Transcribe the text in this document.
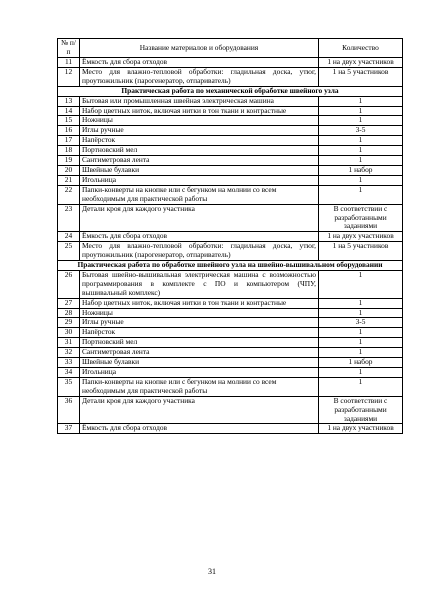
№ п/п	Название материалов и оборудования	Количество
11	Ёмкость для сбора отходов	1 на двух участников
12	Место для влажно-тепловой обработки: гладильная доска, утюг, проутюжильник (парогенератор, отпариватель)	1 на 5 участников
Практическая работа по механической обработке швейного узла		
13	Бытовая или промышленная швейная электрическая машина	1
14	Набор цветных ниток, включая нитки в тон ткани и контрастные	1
15	Ножницы	1
16	Иглы ручные	3-5
17	Напёрсток	1
18	Портновский мел	1
19	Сантиметровая лента	1
20	Швейные булавки	1 набор
21	Игольница	1
22	Папки-конверты на кнопке или с бегунком на молнии со всем необходимым для практической работы	1
23	Детали кроя для каждого участника	В соответствии с разработанными заданиями
24	Ёмкость для сбора отходов	1 на двух участников
25	Место для влажно-тепловой обработки: гладильная доска, утюг, проутюжильник (парогенератор, отпариватель)	1 на 5 участников
Практическая работа по обработке швейного узла на швейно-вышивальном оборудовании		
26	Бытовая швейно-вышивальная электрическая машина с возможностью программирования в комплекте с ПО и компьютером (ЧПУ, вышивальный комплекс)	1
27	Набор цветных ниток, включая нитки в тон ткани и контрастные	1
28	Ножницы	1
29	Иглы ручные	3-5
30	Напёрсток	1
31	Портновский мел	1
32	Сантиметровая лента	1
33	Швейные булавки	1 набор
34	Игольница	1
35	Папки-конверты на кнопке или с бегунком на молнии со всем необходимым для практической работы	1
36	Детали кроя для каждого участника	В соответствии с разработанными заданиями
37	Ёмкость для сбора отходов	1 на двух участников
31
